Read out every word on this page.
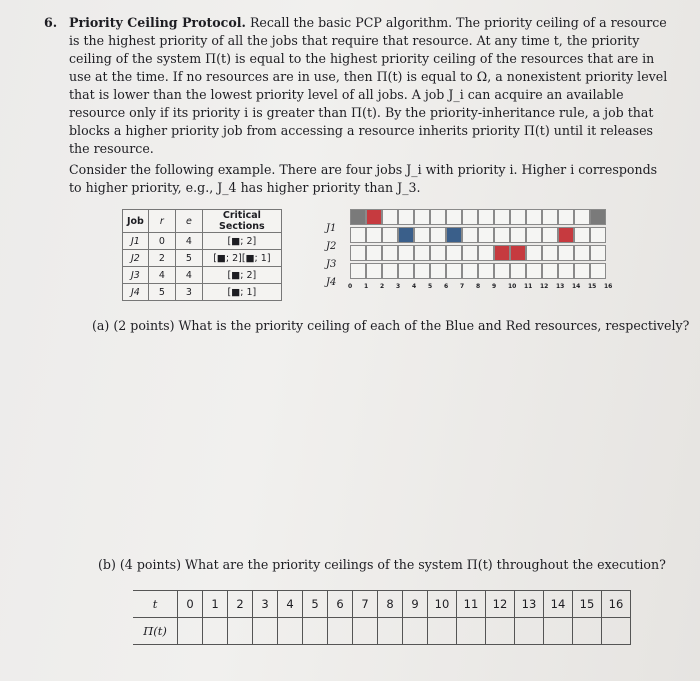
6. Priority Ceiling Protocol. Recall the basic PCP algorithm. The priority ceiling of a resource is the highest priority of all the jobs that require that resource. At any time t, the priority ceiling of the system Π(t) is equal to the highest priority ceiling of the resources that are in use at the time. If no resources are in use, then Π(t) is equal to Ω, a nonexistent priority level that is lower than the lowest priority level of all jobs. A job J_i can acquire an available resource only if its priority i is greater than Π(t). By the priority-inheritance rule, a job that blocks a higher priority job from accessing a resource inherits priority Π(t) until it releases the resource.

Consider the following example. There are four jobs J_i with priority i. Higher i corresponds to higher priority, e.g., J_4 has higher priority than J_3.

Job	r	e	Critical Sections
J1	0	4	[■; 2]
J2	2	5	[■; 2][■; 1]
J3	4	4	[■; 2]
J4	5	3	[■; 1]
J1
J2
J3
J4 0 1 2 3 4 5 6 7 8 9 10 11 12 13 14 15 16
(a) (2 points) What is the priority ceiling of each of the Blue and Red resources, respectively?
(b) (4 points) What are the priority ceilings of the system Π(t) throughout the execution?
t	0	1	2	3	4	5	6	7	8	9	10	11	12	13	14	15	16
Π(t)																	
